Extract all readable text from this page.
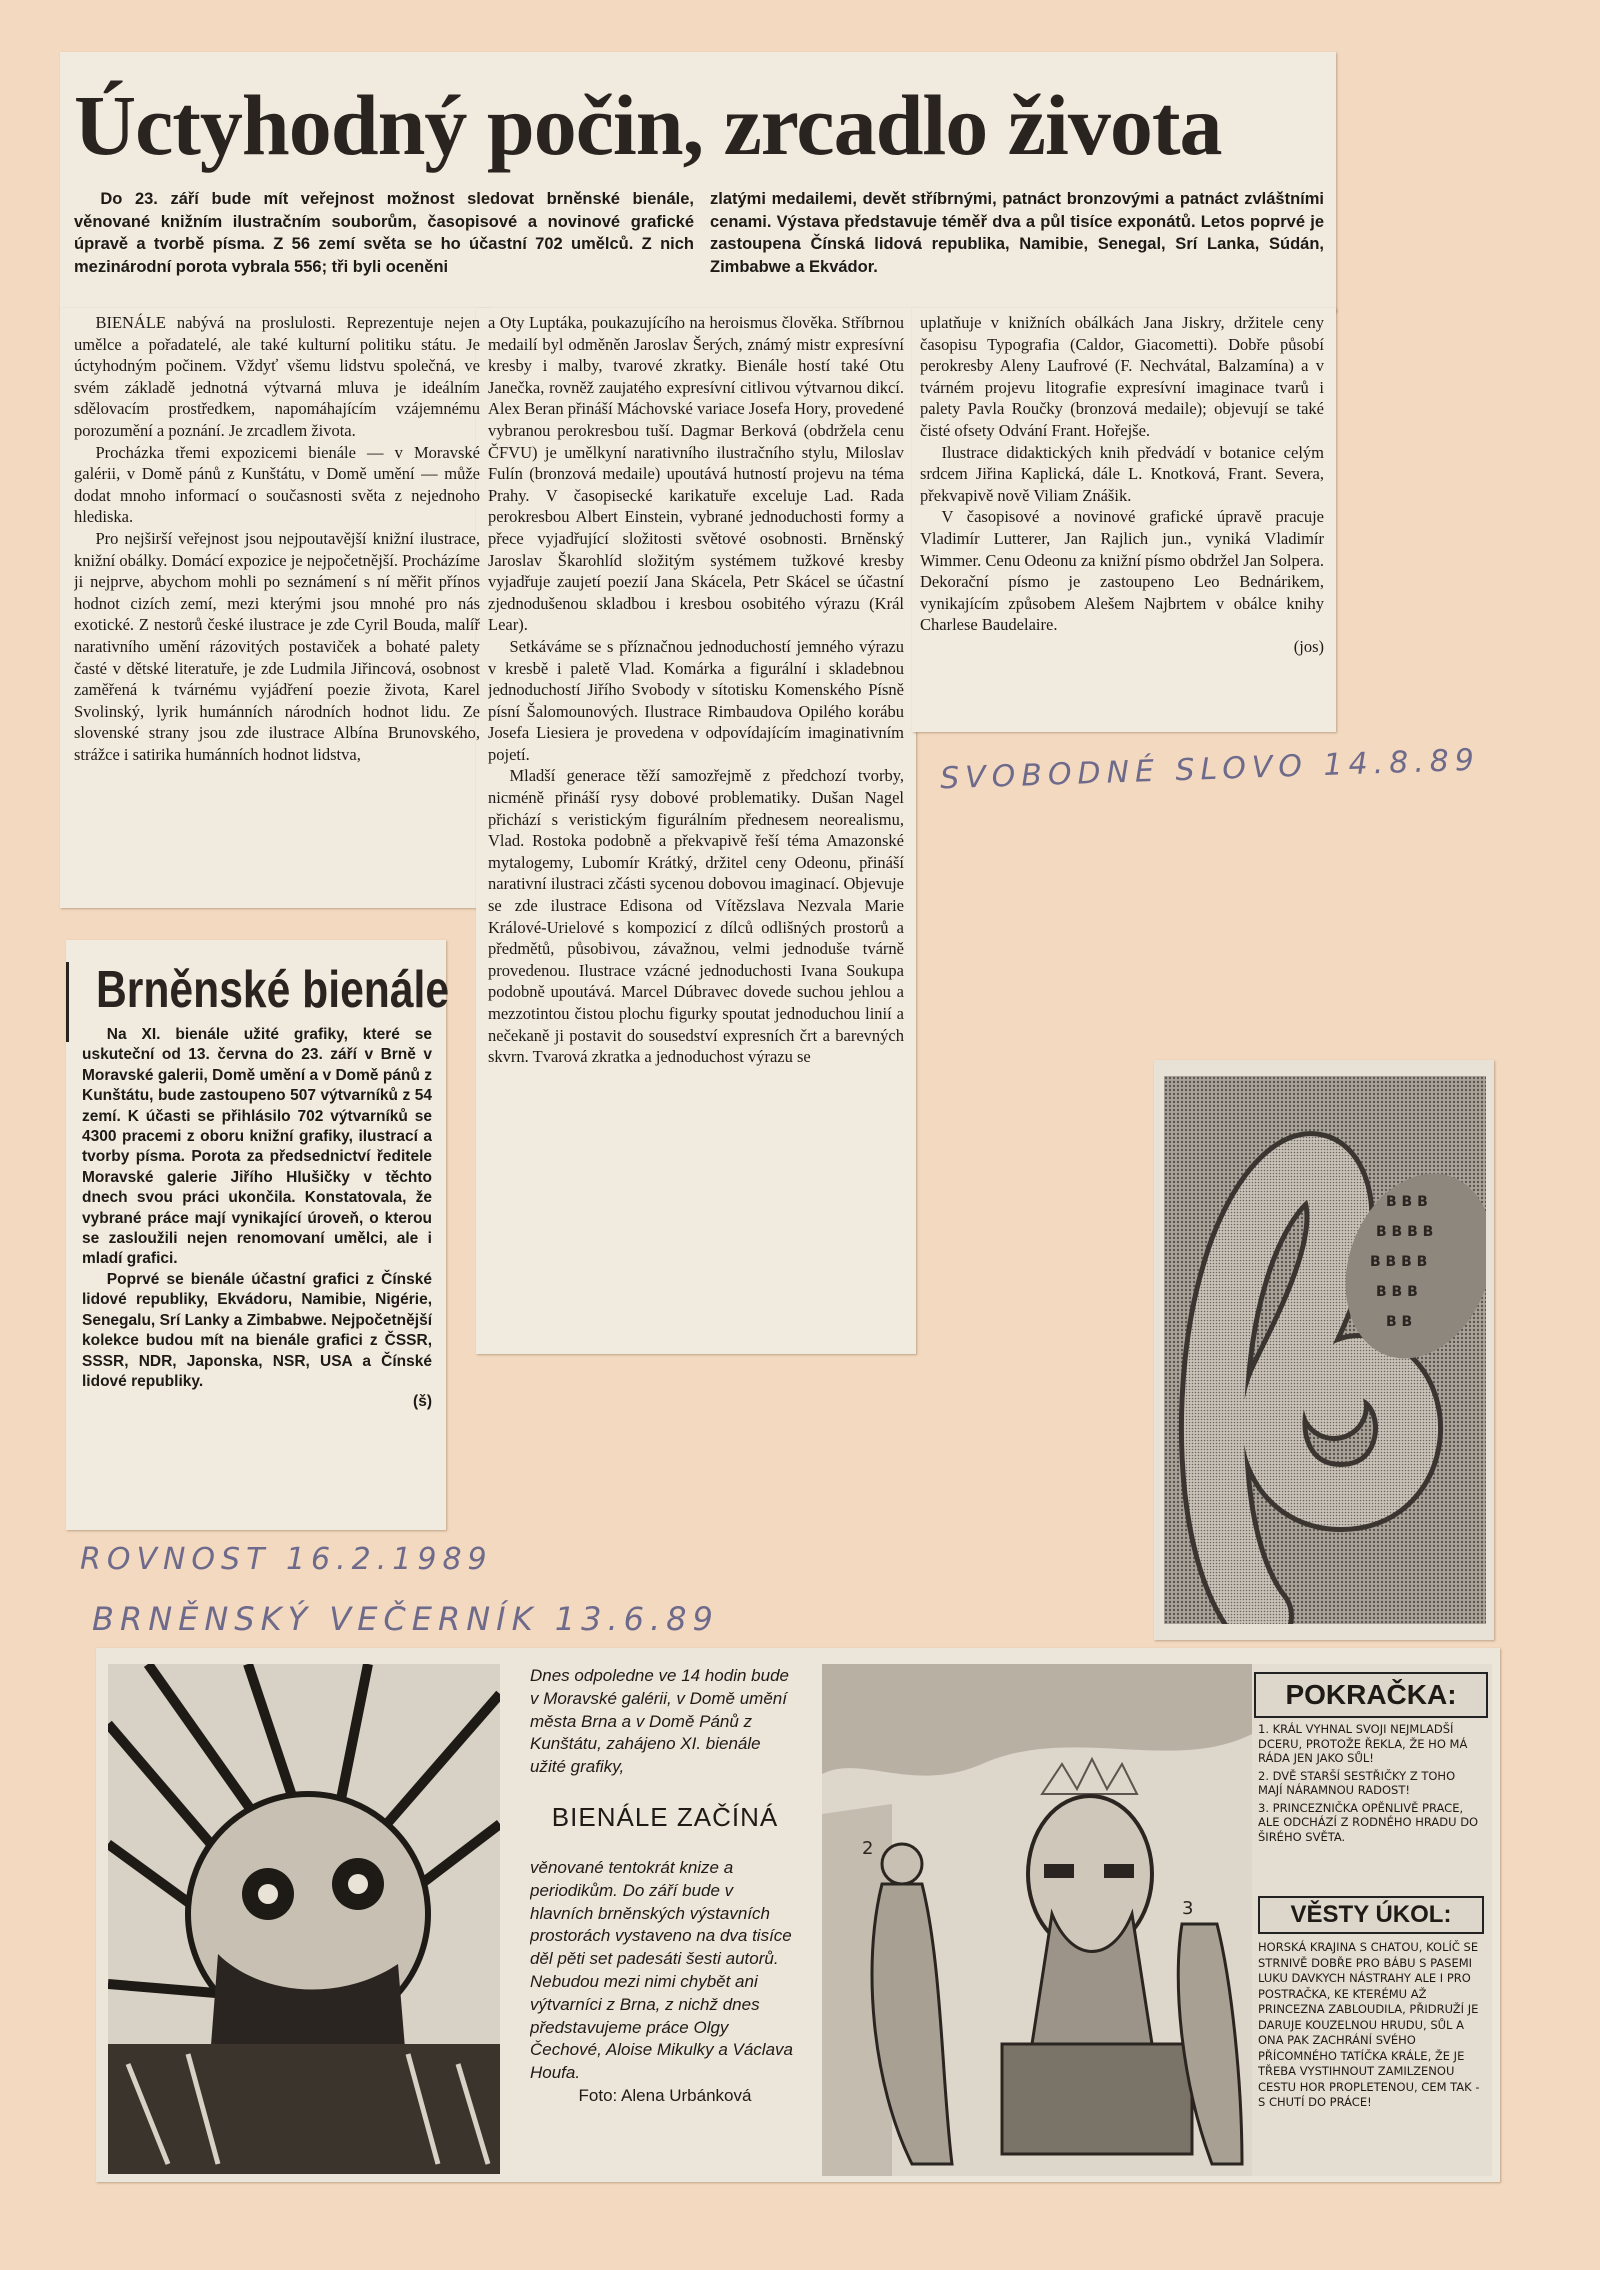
Úctyhodný počin, zrcadlo života

Do 23. září bude mít veřejnost možnost sledovat brněnské bienále, věnované knižním ilustračním souborům, časopisové a novinové grafické úpravě a tvorbě písma. Z 56 zemí světa se ho účastní 702 umělců. Z nich mezinárodní porota vybrala 556; tři byli oceněni

zlatými medailemi, devět stříbrnými, patnáct bronzovými a patnáct zvláštními cenami. Výstava představuje téměř dva a půl tisíce exponátů. Letos poprvé je zastoupena Čínská lidová republika, Namibie, Senegal, Srí Lanka, Súdán, Zimbabwe a Ekvádor.

BIENÁLE nabývá na proslulosti. Reprezentuje nejen umělce a pořadatelé, ale také kulturní politiku státu. Je úctyhodným počinem. Vždyť všemu lidstvu společná, ve svém základě jednotná výtvarná mluva je ideálním sdělovacím prostředkem, napomáhajícím vzájemnému porozumění a poznání. Je zrcadlem života.

Procházka třemi expozicemi bienále — v Moravské galérii, v Domě pánů z Kunštátu, v Domě umění — může dodat mnoho informací o současnosti světa z nejednoho hlediska.

Pro nejširší veřejnost jsou nejpoutavější knižní ilustrace, knižní obálky. Domácí expozice je nejpočetnější. Procházíme ji nejprve, abychom mohli po seznámení s ní měřit přínos hodnot cizích zemí, mezi kterými jsou mnohé pro nás exotické. Z nestorů české ilustrace je zde Cyril Bouda, malíř narativního umění rázovitých postaviček a bohaté palety časté v dětské literatuře, je zde Ludmila Jiřincová, osobnost zaměřená k tvárnému vyjádření poezie života, Karel Svolinský, lyrik humánních národních hodnot lidu. Ze slovenské strany jsou zde ilustrace Albína Brunovského, strážce i satirika humánních hodnot lidstva,

a Oty Luptáka, poukazujícího na heroismus člověka. Stříbrnou medailí byl odměněn Jaroslav Šerých, známý mistr expresívní kresby i malby, tvarové zkratky. Bienále hostí také Otu Janečka, rovněž zaujatého expresívní citlivou výtvarnou dikcí. Alex Beran přináší Máchovské variace Josefa Hory, provedené vybranou perokresbou tuší. Dagmar Berková (obdržela cenu ČFVU) je umělkyní narativního ilustračního stylu, Miloslav Fulín (bronzová medaile) upoutává hutností projevu na téma Prahy. V časopisecké karikatuře exceluje Lad. Rada perokresbou Albert Einstein, vybrané jednoduchosti formy a přece vyjadřující složitosti světové osobnosti. Brněnský Jaroslav Škarohlíd složitým systémem tužkové kresby vyjadřuje zaujetí poezií Jana Skácela, Petr Skácel se účastní zjednodušenou skladbou i kresbou osobitého výrazu (Král Lear).

Setkáváme se s příznačnou jednoduchostí jemného výrazu v kresbě i paletě Vlad. Komárka a figurální i skladebnou jednoduchostí Jiřího Svobody v sítotisku Komenského Písně písní Šalomounových. Ilustrace Rimbaudova Opilého korábu Josefa Liesiera je provedena v odpovídajícím imaginativním pojetí.

Mladší generace těží samozřejmě z předchozí tvorby, nicméně přináší rysy dobové problematiky. Dušan Nagel přichází s veristickým figurálním přednesem neorealismu, Vlad. Rostoka podobně a překvapivě řeší téma Amazonské mytalogemy, Lubomír Krátký, držitel ceny Odeonu, přináší narativní ilustraci zčásti sycenou dobovou imaginací. Objevuje se zde ilustrace Edisona od Vítězslava Nezvala Marie Králové-Urielové s kompozicí z dílců odlišných prostorů a předmětů, působivou, závažnou, velmi jednoduše tvárně provedenou. Ilustrace vzácné jednoduchosti Ivana Soukupa podobně upoutává. Marcel Dúbravec dovede suchou jehlou a mezzotintou čistou plochu figurky spoutat jednoduchou linií a nečekaně ji postavit do sousedství expresních črt a barevných skvrn. Tvarová zkratka a jednoduchost výrazu se

uplatňuje v knižních obálkách Jana Jiskry, držitele ceny časopisu Typografia (Caldor, Giacometti). Dobře působí perokresby Aleny Laufrové (F. Nechvátal, Balzamína) a v tvárném projevu litografie expresívní imaginace tvarů i palety Pavla Roučky (bronzová medaile); objevují se také čisté ofsety Odvání Frant. Hořejše.

Ilustrace didaktických knih předvádí v botanice celým srdcem Jiřina Kaplická, dále L. Knotková, Frant. Severa, překvapivě nově Viliam Znášik.

V časopisové a novinové grafické úpravě pracuje Vladimír Lutterer, Jan Rajlich jun., vyniká Vladimír Wimmer. Cenu Odeonu za knižní písmo obdržel Jan Solpera. Dekorační písmo je zastoupeno Leo Bednárikem, vynikajícím způsobem Alešem Najbrtem v obálce knihy Charlese Baudelaire.

(jos)
SVOBODNÉ SLOVO 14.8.89
Brněnské bienále

Na XI. bienále užité grafiky, které se uskuteční od 13. června do 23. září v Brně v Moravské galerii, Domě umění a v Domě pánů z Kunštátu, bude zastoupeno 507 výtvarníků z 54 zemí. K účasti se přihlásilo 702 výtvarníků se 4300 pracemi z oboru knižní grafiky, ilustrací a tvorby písma. Porota za předsednictví ředitele Moravské galerie Jiřího Hlušičky v těchto dnech svou práci ukončila. Konstatovala, že vybrané práce mají vynikající úroveň, o kterou se zasloužili nejen renomovaní umělci, ale i mladí grafici.

Poprvé se bienále účastní grafici z Čínské lidové republiky, Ekvádoru, Namibie, Nigérie, Senegalu, Srí Lanky a Zimbabwe. Nejpočetnější kolekce budou mít na bienále grafici z ČSSR, SSSR, NDR, Japonska, NSR, USA a Čínské lidové republiky.

(š)
ROVNOST 16.2.1989
B B B
B B B B
B B B B
B B B
B B
BRNĚNSKÝ VEČERNÍK 13.6.89

Dnes odpoledne ve 14 hodin bude v Moravské galérii, v Domě umění města Brna a v Domě Pánů z Kunštátu, zahájeno XI. bienále užité grafiky,

BIENÁLE ZAČÍNÁ

věnované tentokrát knize a periodikům. Do září bude v hlavních brněnských výstavních prostorách vystaveno na dva tisíce děl pěti set padesáti šesti autorů. Nebudou mezi nimi chybět ani výtvarníci z Brna, z nichž dnes představujeme práce Olgy Čechové, Aloise Mikulky a Václava Houfa.

Foto: Alena Urbánková
2
3
POKRAČKA:
1. KRÁL VYHNAL SVOJI NEJMLADŠÍ DCERU, PROTOŽE ŘEKLA, ŽE HO MÁ RÁDA JEN JAKO SŮL!
2. DVĚ STARŠÍ SESTŘIČKY Z TOHO MAJÍ NÁRAMNOU RADOST!
3. PRINCEZNIČKA OPĚNLIVĚ PRACE, ALE ODCHÁZÍ Z RODNÉHO HRADU DO ŠIRÉHO SVĚTA.
VĚSTY ÚKOL:
HORSKÁ KRAJINA S CHATOU, KOLÍČ SE STRNIVĚ DOBŘE PRO BÁBU S PASEMI LUKU DAVKYCH NÁSTRAHY ALE I PRO POSTRAČKA, KE KTERÉMU AŽ PRINCEZNA ZABLOUDILA, PŘIDRUŽÍ JE DARUJE KOUZELNOU HRUDU, SŮL A ONA PAK ZACHRÁNÍ SVÉHO PŘÍCOMNÉHO TATÍČKA KRÁLE, ŽE JE TŘEBA VYSTIHNOUT ZAMILZENOU CESTU HOR PROPLETENOU, CEM TAK - S CHUTÍ DO PRÁCE!
